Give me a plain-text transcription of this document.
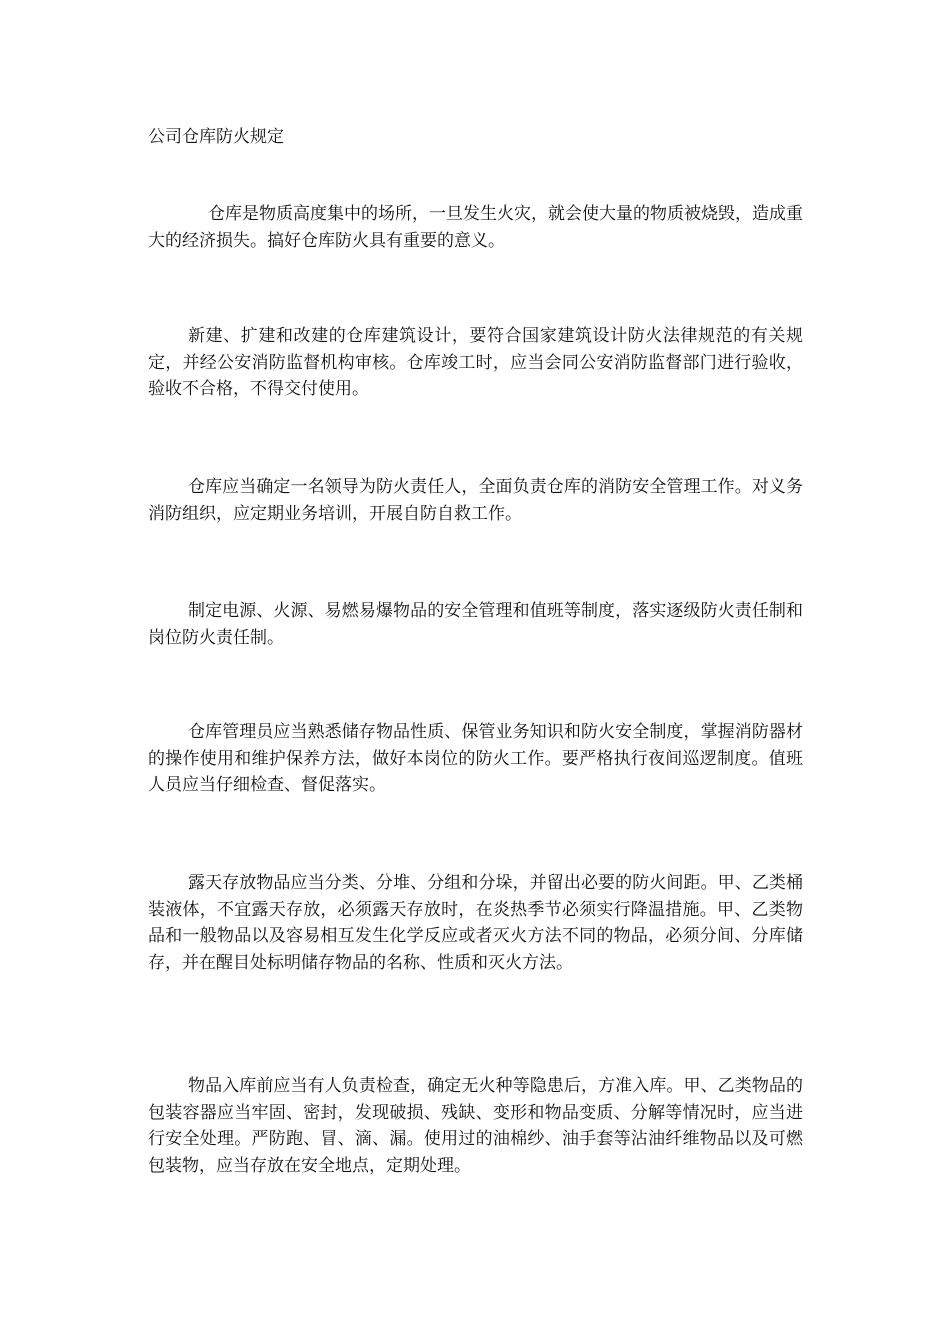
公司仓库防火规定

仓库是物质高度集中的场所，一旦发生火灾，就会使大量的物质被烧毁，造成重大的经济损失。搞好仓库防火具有重要的意义。

新建、扩建和改建的仓库建筑设计，要符合国家建筑设计防火法律规范的有关规定，并经公安消防监督机构审核。仓库竣工时，应当会同公安消防监督部门进行验收，验收不合格，不得交付使用。

仓库应当确定一名领导为防火责任人，全面负责仓库的消防安全管理工作。对义务消防组织，应定期业务培训，开展自防自救工作。

制定电源、火源、易燃易爆物品的安全管理和值班等制度，落实逐级防火责任制和岗位防火责任制。

仓库管理员应当熟悉储存物品性质、保管业务知识和防火安全制度，掌握消防器材的操作使用和维护保养方法，做好本岗位的防火工作。要严格执行夜间巡逻制度。值班人员应当仔细检查、督促落实。

露天存放物品应当分类、分堆、分组和分垛，并留出必要的防火间距。甲、乙类桶装液体，不宜露天存放，必须露天存放时，在炎热季节必须实行降温措施。甲、乙类物品和一般物品以及容易相互发生化学反应或者灭火方法不同的物品，必须分间、分库储存，并在醒目处标明储存物品的名称、性质和灭火方法。

物品入库前应当有人负责检查，确定无火种等隐患后，方准入库。甲、乙类物品的包装容器应当牢固、密封，发现破损、残缺、变形和物品变质、分解等情况时，应当进行安全处理。严防跑、冒、滴、漏。使用过的油棉纱、油手套等沾油纤维物品以及可燃包装物，应当存放在安全地点，定期处理。
